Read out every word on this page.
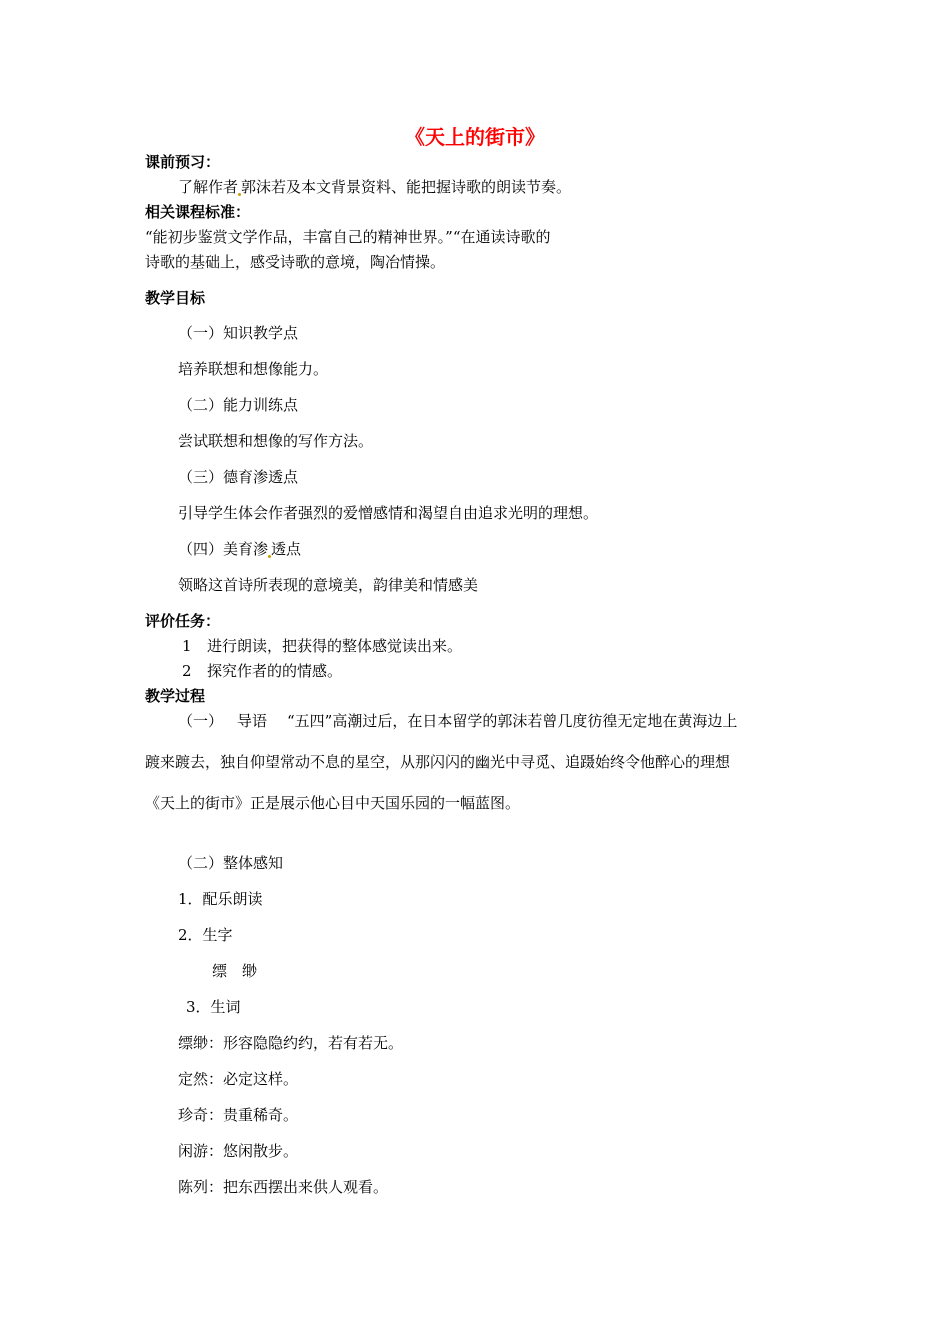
《天上的街市》
课前预习：
了解作者 郭沫若及本文背景资料、能把握诗歌的朗读节奏。
相关课程标准：
“能初步鉴赏文学作品，丰富自己的精神世界。”“在通读诗歌的
诗歌的基础上，感受诗歌的意境，陶冶情操。
教学目标
（一）知识教学点
培养联想和想像能力。
（二）能力训练点
尝试联想和想像的写作方法。
（三）德育渗透点
引导学生体会作者强烈的爱憎感情和渴望自由追求光明的理想。
（四）美育渗 透点
领略这首诗所表现的意境美，韵律美和情感美
评价任务：
1 进行朗读，把获得的整体感觉读出来。
2 探究作者的的情感。
教学过程
（一） 导语 “五四”高潮过后，在日本留学的郭沫若曾几度彷徨无定地在黄海边上
踱来踱去，独自仰望常动不息的星空，从那闪闪的幽光中寻觅、追蹑始终令他醉心的理想
《天上的街市》正是展示他心目中天国乐园的一幅蓝图。
（二）整体感知
1．配乐朗读
2．生字
缥　缈
3．生词
缥缈：形容隐隐约约，若有若无。
定然：必定这样。
珍奇：贵重稀奇。
闲游：悠闲散步。
陈列：把东西摆出来供人观看。
